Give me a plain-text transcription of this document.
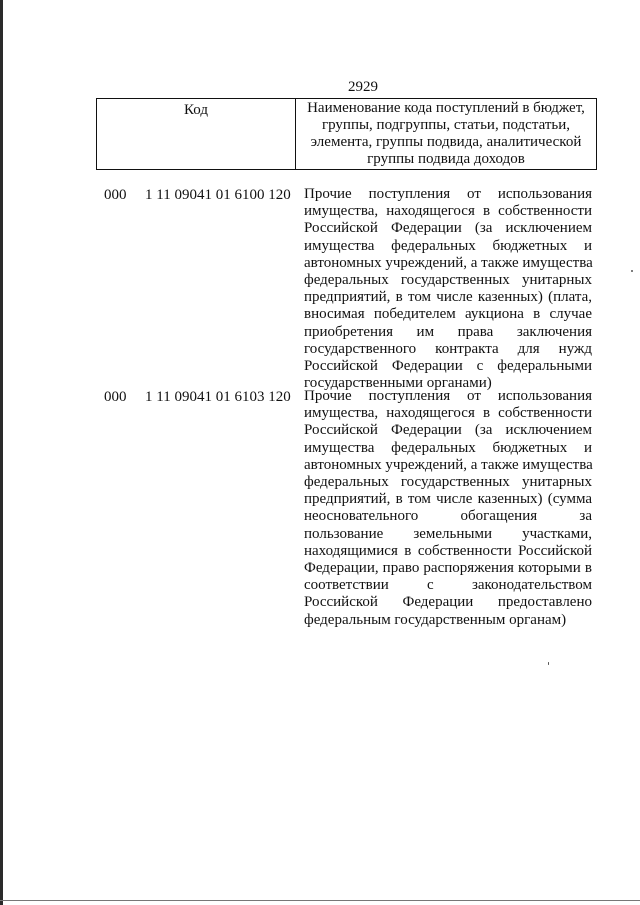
2929
Код	Наименование кода поступлений в бюджет,
группы, подгруппы, статьи, подстатьи,
элемента, группы подвида, аналитической
группы подвида доходов
000 1 11 09041 01 6100 120 Прочие поступления от использования
имущества, находящегося в собственности
Российской Федерации (за исключением
имущества федеральных бюджетных и
автономных учреждений, а также имущества
федеральных государственных унитарных
предприятий, в том числе казенных) (плата,
вносимая победителем аукциона в случае
приобретения им права заключения
государственного контракта для нужд
Российской Федерации с федеральными
государственными органами)
000 1 11 09041 01 6103 120 Прочие поступления от использования
имущества, находящегося в собственности
Российской Федерации (за исключением
имущества федеральных бюджетных и
автономных учреждений, а также имущества
федеральных государственных унитарных
предприятий, в том числе казенных) (сумма
неосновательного обогащения за
пользование земельными участками,
находящимися в собственности Российской
Федерации, право распоряжения которыми в
соответствии с законодательством
Российской Федерации предоставлено
федеральным государственным органам)
